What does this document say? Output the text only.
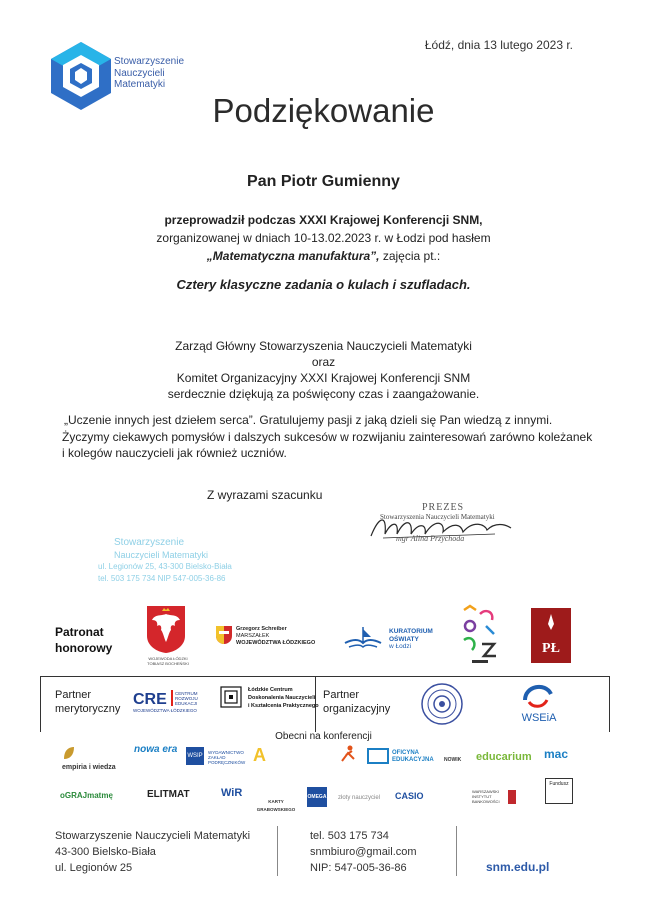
Stowarzyszenie
Nauczycieli
Matematyki
Łódź, dnia 13 lutego 2023 r.
Podziękowanie
Pan Piotr Gumienny
przeprowadził podczas XXXI Krajowej Konferencji SNM,
zorganizowanej w dniach 10-13.02.2023 r. w Łodzi pod hasłem
„Matematyczna manufaktura”, zajęcia pt.:
Cztery klasyczne zadania o kulach i szufladach.
Zarząd Główny Stowarzyszenia Nauczycieli Matematyki
oraz
Komitet Organizacyjny XXXI Krajowej Konferencji SNM
serdecznie dziękują za poświęcony czas i zaangażowanie.
„Uczenie innych jest dziełem serca”. Gratulujemy pasji z jaką dzieli się Pan wiedzą z innymi.
Życzymy ciekawych pomysłów i dalszych sukcesów w rozwijaniu zainteresowań zarówno koleżanek
i kolegów nauczycieli jak również uczniów.
Z wyrazami szacunku
PREZES
Stowarzyszenia Nauczycieli Matematyki
mgr Alina Przychoda
Stowarzyszenie
Nauczycieli Matematyki
ul. Legionów 25, 43-300 Bielsko-Biała
tel. 503 175 734 NIP 547-005-36-86
Patronat
honorowy
WOJEWODA ŁÓDZKI
TOBIASZ BOCHEŃSKI
Grzegorz Schreiber
MARSZAŁEK
WOJEWÓDZTWA ŁÓDZKIEGO
KURATORIUM
OŚWIATY
w Łodzi	PŁ
Partner
merytoryczny
CRE CENTRUM
ROZWOJU
EDUKACJI
WOJEWÓDZTWA ŁÓDZKIEGO
Łódzkie Centrum
Doskonalenia Nauczycieli
i Kształcenia Praktycznego
Partner
organizacyjny
WSEiA
Obecni na konferencji
empiria i wiedza
nowa era
WSIP
WYDAWNICTWO ZAKŁAD PODRĘCZNIKÓW A	OFICYNA EDUKACYJNA	NOWIK educarium mac
oGRAJmatmę	ELITMAT	WiR
KARTY GRABOWSKIEGO
OMEGA złoty nauczyciel CASIO	WARSZAWSKI INSTYTUT BANKOWOŚCI
Fundusz
Stowarzyszenie Nauczycieli Matematyki
43-300 Bielsko-Biała
ul. Legionów 25
tel. 503 175 734
snmbiuro@gmail.com
NIP: 547-005-36-86	snm.edu.pl
